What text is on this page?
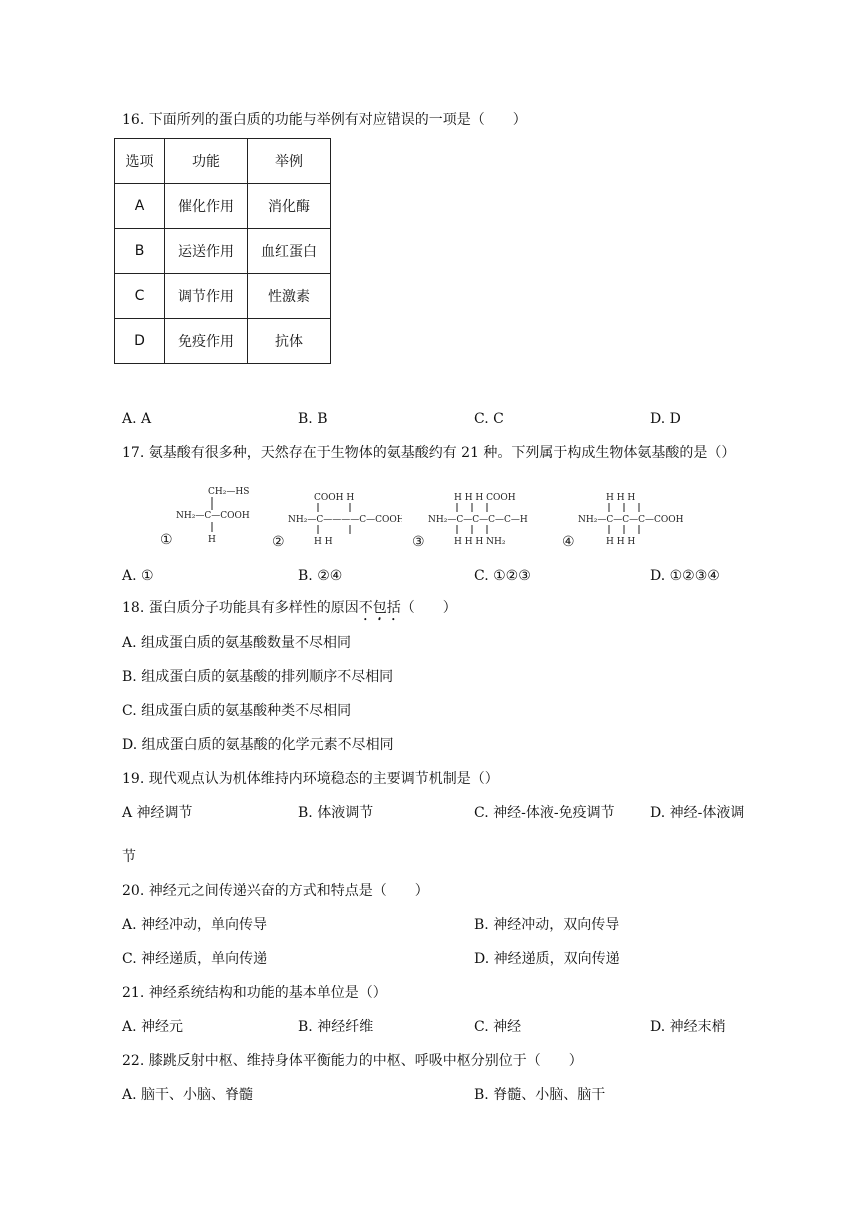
16. 下面所列的蛋白质的功能与举例有对应错误的一项是（　　）
选项	功能	举例
A	催化作用	消化酶
B	运送作用	血红蛋白
C	调节作用	性激素
D	免疫作用	抗体
A. A	B. B	C. C	D. D
17. 氨基酸有很多种，天然存在于生物体的氨基酸约有 21 种。下列属于构成生物体氨基酸的是（）
CH₂—HS
NH₂—C—COOH
H
①
COOH H
NH₂—C————C—COOH
H H
②
H H H COOH
NH₂—C—C—C—C—H
H H H NH₂
③
H H H
NH₂—C—C—C—COOH
H H H
④
A. ①	B. ②④	C. ①②③	D. ①②③④
18. 蛋白质分子功能具有多样性的原因不包括（　　）
A. 组成蛋白质的氨基酸数量不尽相同
B. 组成蛋白质的氨基酸的排列顺序不尽相同
C. 组成蛋白质的氨基酸种类不尽相同
D. 组成蛋白质的氨基酸的化学元素不尽相同
19. 现代观点认为机体维持内环境稳态的主要调节机制是（）
A 神经调节	B. 体液调节	C. 神经-体液-免疫调节	D. 神经-体液调
节
20. 神经元之间传递兴奋的方式和特点是（　　）
A. 神经冲动，单向传导	B. 神经冲动，双向传导
C. 神经递质，单向传递	D. 神经递质，双向传递
21. 神经系统结构和功能的基本单位是（）
A. 神经元	B. 神经纤维	C. 神经	D. 神经末梢
22. 膝跳反射中枢、维持身体平衡能力的中枢、呼吸中枢分别位于（　　）
A. 脑干、小脑、脊髓	B. 脊髓、小脑、脑干
